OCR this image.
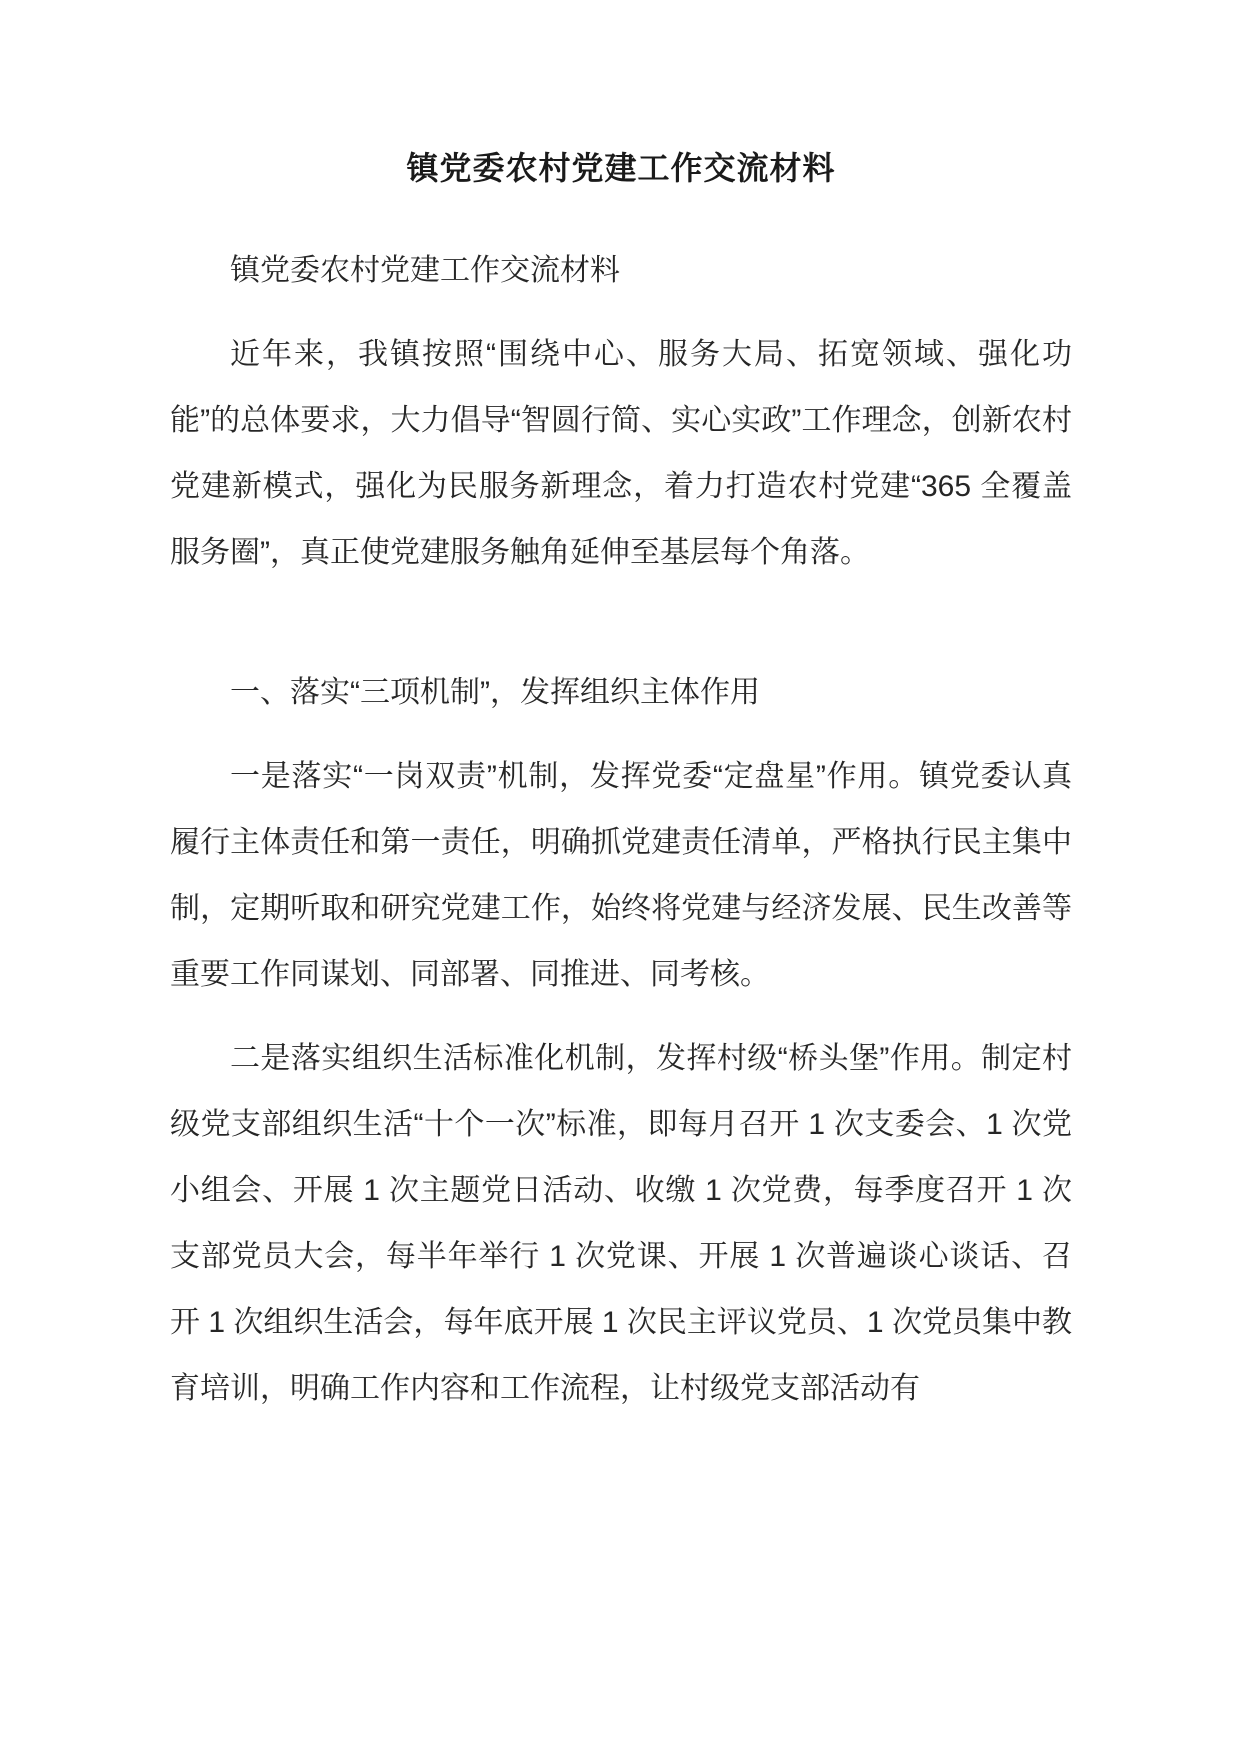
镇党委农村党建工作交流材料

镇党委农村党建工作交流材料

近年来，我镇按照“围绕中心、服务大局、拓宽领域、强化功能”的总体要求，大力倡导“智圆行简、实心实政”工作理念，创新农村党建新模式，强化为民服务新理念，着力打造农村党建“365 全覆盖服务圈”，真正使党建服务触角延伸至基层每个角落。

一、落实“三项机制”，发挥组织主体作用

一是落实“一岗双责”机制，发挥党委“定盘星”作用。镇党委认真履行主体责任和第一责任，明确抓党建责任清单，严格执行民主集中制，定期听取和研究党建工作，始终将党建与经济发展、民生改善等重要工作同谋划、同部署、同推进、同考核。

二是落实组织生活标准化机制，发挥村级“桥头堡”作用。制定村级党支部组织生活“十个一次”标准，即每月召开 1 次支委会、1 次党小组会、开展 1 次主题党日活动、收缴 1 次党费，每季度召开 1 次支部党员大会，每半年举行 1 次党课、开展 1 次普遍谈心谈话、召开 1 次组织生活会，每年底开展 1 次民主评议党员、1 次党员集中教育培训，明确工作内容和工作流程，让村级党支部活动有
